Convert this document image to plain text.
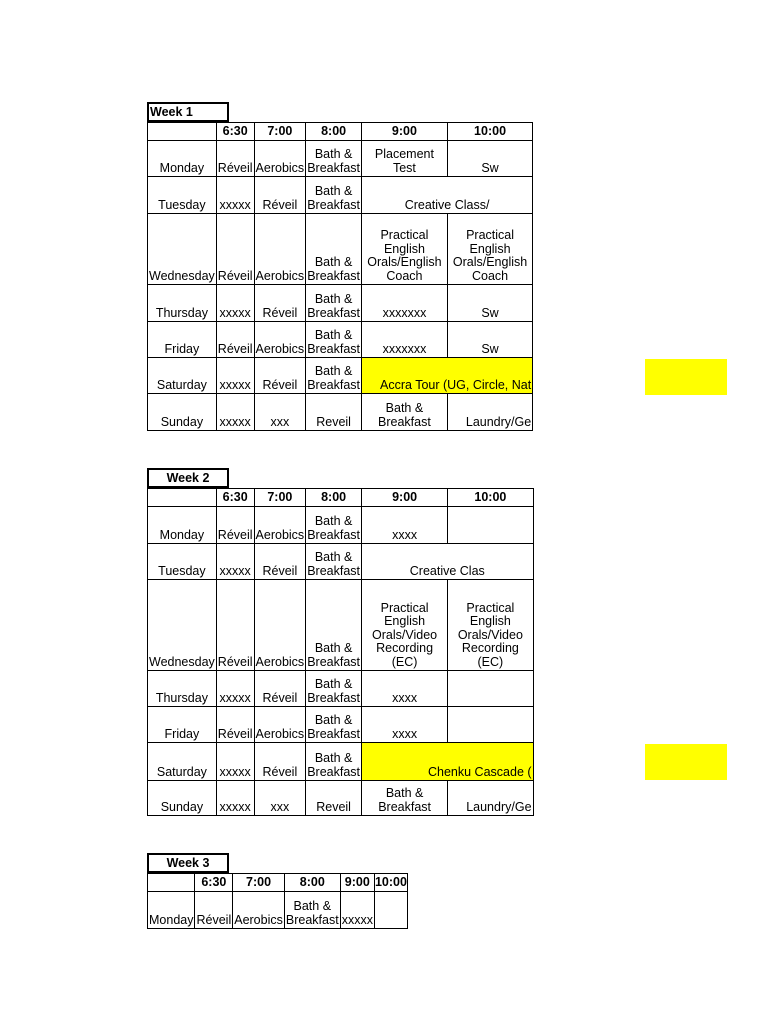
Week 1
	6:30	7:00	8:00	9:00	10:00
Monday	Réveil	Aerobics	Bath & Breakfast	Placement Test	Sw
Tuesday	xxxxx	Réveil	Bath & Breakfast	Creative Class/	
Wednesday	Réveil	Aerobics	Bath & Breakfast	Practical English Orals/English Coach	Practical English Orals/English Coach
Thursday	xxxxx	Réveil	Bath & Breakfast	xxxxxxx	Sw
Friday	Réveil	Aerobics	Bath & Breakfast	xxxxxxx	Sw
Saturday	xxxxx	Réveil	Bath & Breakfast	Accra Tour (UG, Circle, Nat	
Sunday	xxxxx	xxx	Reveil	Bath & Breakfast	Laundry/Ge
Week 2
	6:30	7:00	8:00	9:00	10:00
Monday	Réveil	Aerobics	Bath & Breakfast	xxxx	
Tuesday	xxxxx	Réveil	Bath & Breakfast	Creative Clas	
Wednesday	Réveil	Aerobics	Bath & Breakfast	Practical English Orals/Video Recording (EC)	Practical English Orals/Video Recording (EC)
Thursday	xxxxx	Réveil	Bath & Breakfast	xxxx	
Friday	Réveil	Aerobics	Bath & Breakfast	xxxx	
Saturday	xxxxx	Réveil	Bath & Breakfast	Chenku Cascade (	
Sunday	xxxxx	xxx	Reveil	Bath & Breakfast	Laundry/Ge
Week 3
	6:30	7:00	8:00	9:00	10:00
Monday	Réveil	Aerobics	Bath & Breakfast	xxxxx	
